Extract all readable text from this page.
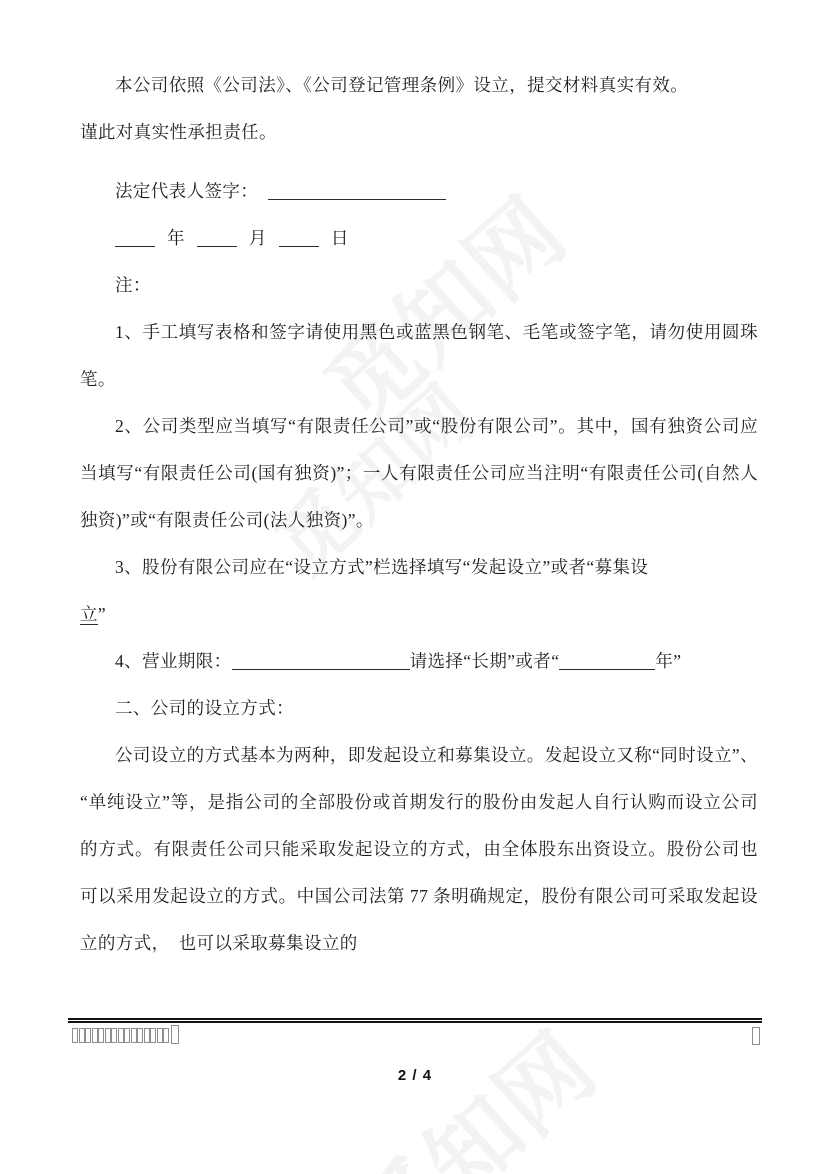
本公司依照《公司法》、《公司登记管理条例》设立，提交材料真实有效。

谨此对真实性承担责任。

法定代表人签字：

年	月	日

注：

1、手工填写表格和签字请使用黑色或蓝黑色钢笔、毛笔或签字笔，请勿使用圆珠笔。

2、公司类型应当填写“有限责任公司”或“股份有限公司”。其中，国有独资公司应当填写“有限责任公司(国有独资)”；一人有限责任公司应当注明“有限责任公司(自然人独资)”或“有限责任公司(法人独资)”。

3、股份有限公司应在“设立方式”栏选择填写“发起设立”或者“募集设

立”

4、营业期限：	请选择“长期”或者“	年”

二、公司的设立方式：

公司设立的方式基本为两种，即发起设立和募集设立。发起设立又称“同时设立”、“单纯设立”等，是指公司的全部股份或首期发行的股份由发起人自行认购而设立公司的方式。有限责任公司只能采取发起设立的方式，由全体股东出资设立。股份公司也可以采用发起设立的方式。中国公司法第 77 条明确规定，股份有限公司可采取发起设立的方式，　也可以采取募集设立的

2 / 4
